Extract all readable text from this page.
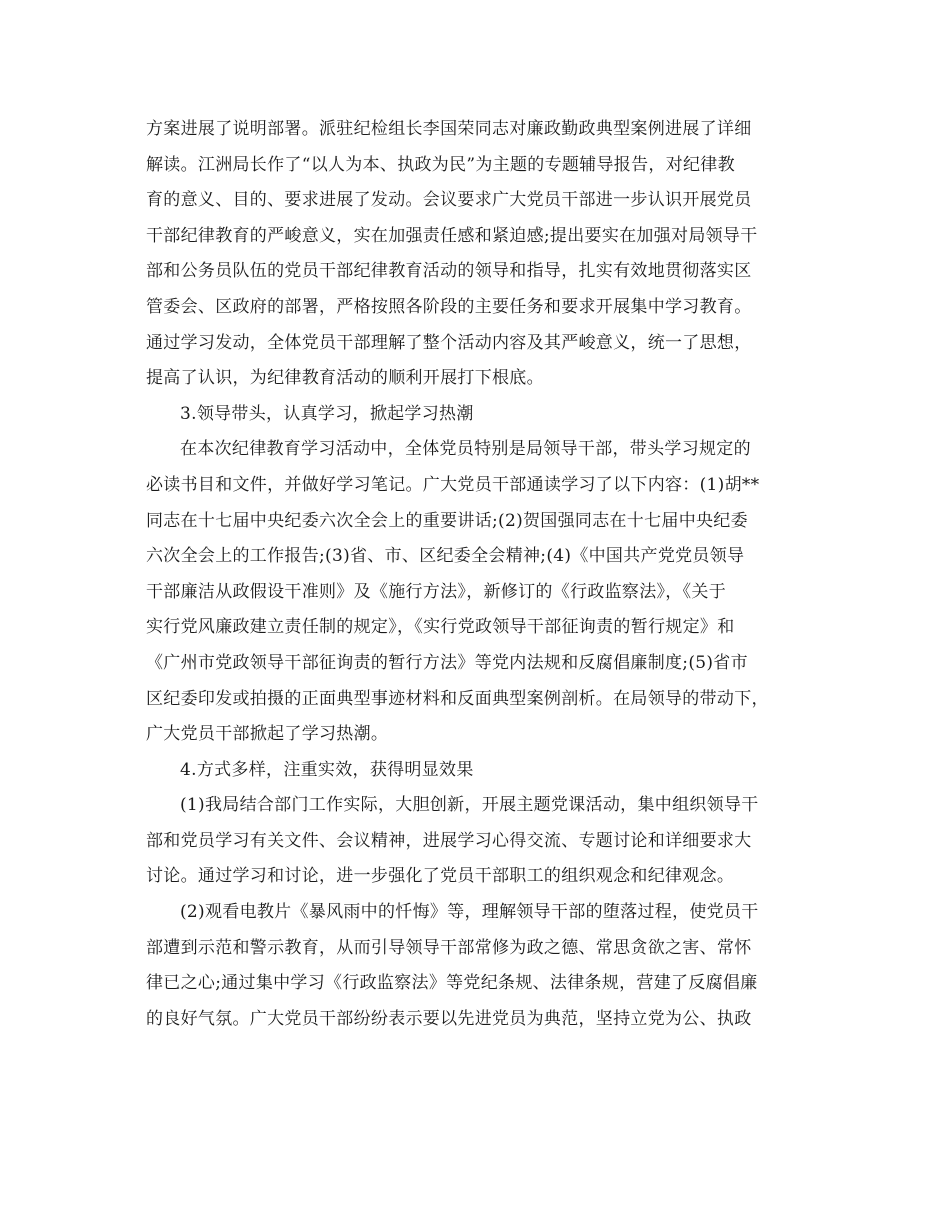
方案进展了说明部署。派驻纪检组长李国荣同志对廉政勤政典型案例进展了详细
解读。江洲局长作了“以人为本、执政为民”为主题的专题辅导报告，对纪律教
育的意义、目的、要求进展了发动。会议要求广大党员干部进一步认识开展党员
干部纪律教育的严峻意义，实在加强责任感和紧迫感;提出要实在加强对局领导干
部和公务员队伍的党员干部纪律教育活动的领导和指导，扎实有效地贯彻落实区
管委会、区政府的部署，严格按照各阶段的主要任务和要求开展集中学习教育。
通过学习发动，全体党员干部理解了整个活动内容及其严峻意义，统一了思想，
提高了认识，为纪律教育活动的顺利开展打下根底。
3.领导带头，认真学习，掀起学习热潮
在本次纪律教育学习活动中，全体党员特别是局领导干部，带头学习规定的
必读书目和文件，并做好学习笔记。广大党员干部通读学习了以下内容：(1)胡**
同志在十七届中央纪委六次全会上的重要讲话;(2)贺国强同志在十七届中央纪委
六次全会上的工作报告;(3)省、市、区纪委全会精神;(4)《中国共产党党员领导
干部廉洁从政假设干准则》及《施行方法》，新修订的《行政监察法》，《关于
实行党风廉政建立责任制的规定》，《实行党政领导干部征询责的暂行规定》和
《广州市党政领导干部征询责的暂行方法》等党内法规和反腐倡廉制度;(5)省市
区纪委印发或拍摄的正面典型事迹材料和反面典型案例剖析。在局领导的带动下，
广大党员干部掀起了学习热潮。
4.方式多样，注重实效，获得明显效果
(1)我局结合部门工作实际，大胆创新，开展主题党课活动，集中组织领导干
部和党员学习有关文件、会议精神，进展学习心得交流、专题讨论和详细要求大
讨论。通过学习和讨论，进一步强化了党员干部职工的组织观念和纪律观念。
(2)观看电教片《暴风雨中的忏悔》等，理解领导干部的堕落过程，使党员干
部遭到示范和警示教育，从而引导领导干部常修为政之德、常思贪欲之害、常怀
律已之心;通过集中学习《行政监察法》等党纪条规、法律条规，营建了反腐倡廉
的良好气氛。广大党员干部纷纷表示要以先进党员为典范，坚持立党为公、执政
